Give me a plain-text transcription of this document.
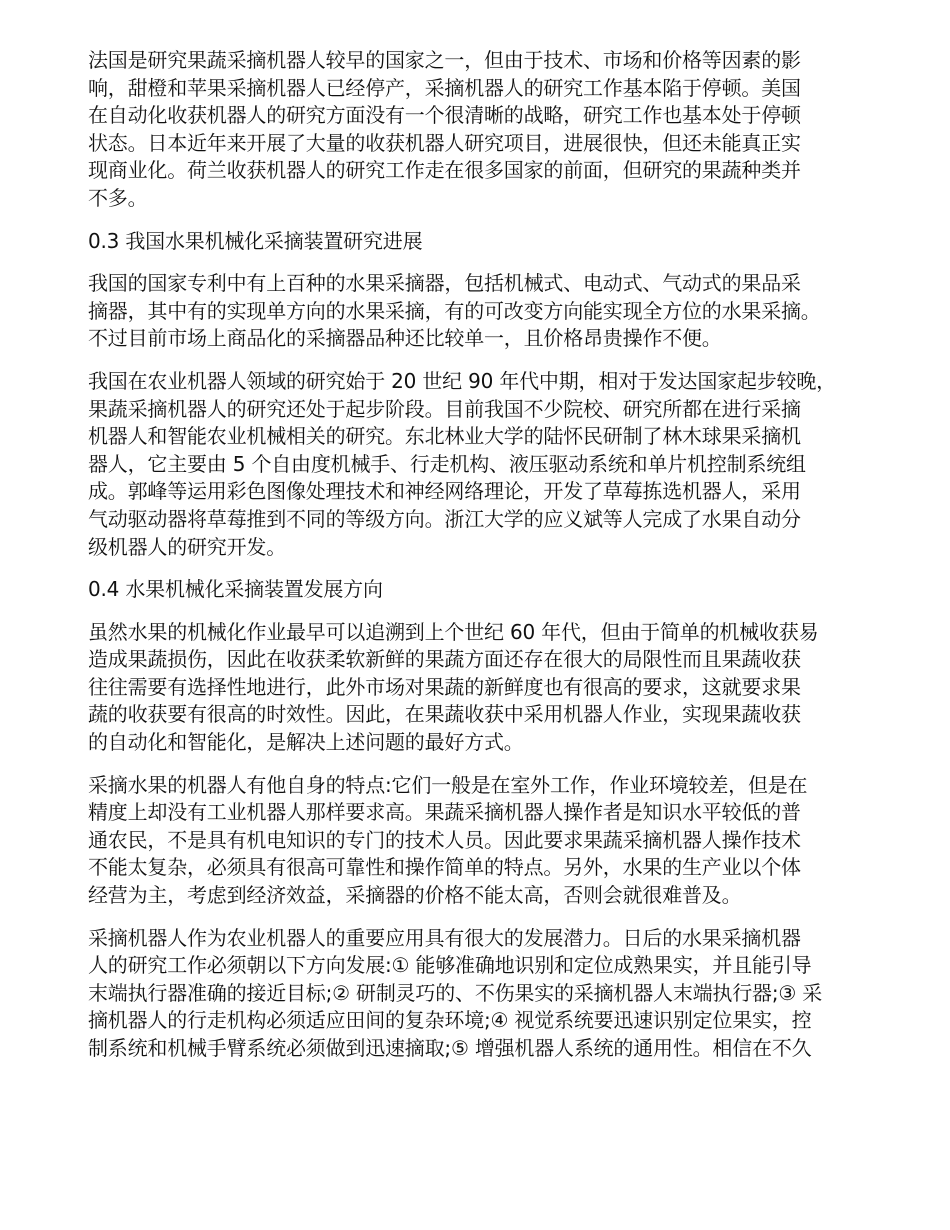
法国是研究果蔬采摘机器人较早的国家之一，但由于技术、市场和价格等因素的影
响，甜橙和苹果采摘机器人已经停产，采摘机器人的研究工作基本陷于停顿。美国
在自动化收获机器人的研究方面没有一个很清晰的战略，研究工作也基本处于停顿
状态。日本近年来开展了大量的收获机器人研究项目，进展很快，但还未能真正实
现商业化。荷兰收获机器人的研究工作走在很多国家的前面，但研究的果蔬种类并
不多。

0.3 我国水果机械化采摘装置研究进展

我国的国家专利中有上百种的水果采摘器，包括机械式、电动式、气动式的果品采
摘器，其中有的实现单方向的水果采摘，有的可改变方向能实现全方位的水果采摘。
不过目前市场上商品化的采摘器品种还比较单一，且价格昂贵操作不便。

我国在农业机器人领域的研究始于 20 世纪 90 年代中期，相对于发达国家起步较晚，
果蔬采摘机器人的研究还处于起步阶段。目前我国不少院校、研究所都在进行采摘
机器人和智能农业机械相关的研究。东北林业大学的陆怀民研制了林木球果采摘机
器人，它主要由 5 个自由度机械手、行走机构、液压驱动系统和单片机控制系统组
成。郭峰等运用彩色图像处理技术和神经网络理论，开发了草莓拣选机器人，采用
气动驱动器将草莓推到不同的等级方向。浙江大学的应义斌等人完成了水果自动分
级机器人的研究开发。

0.4 水果机械化采摘装置发展方向

虽然水果的机械化作业最早可以追溯到上个世纪 60 年代，但由于简单的机械收获易
造成果蔬损伤，因此在收获柔软新鲜的果蔬方面还存在很大的局限性而且果蔬收获
往往需要有选择性地进行，此外市场对果蔬的新鲜度也有很高的要求，这就要求果
蔬的收获要有很高的时效性。因此，在果蔬收获中采用机器人作业，实现果蔬收获
的自动化和智能化，是解决上述问题的最好方式。

采摘水果的机器人有他自身的特点:它们一般是在室外工作，作业环境较差，但是在
精度上却没有工业机器人那样要求高。果蔬采摘机器人操作者是知识水平较低的普
通农民，不是具有机电知识的专门的技术人员。因此要求果蔬采摘机器人操作技术
不能太复杂，必须具有很高可靠性和操作简单的特点。另外，水果的生产业以个体
经营为主，考虑到经济效益，采摘器的价格不能太高，否则会就很难普及。

采摘机器人作为农业机器人的重要应用具有很大的发展潜力。日后的水果采摘机器
人的研究工作必须朝以下方向发展:① 能够准确地识别和定位成熟果实，并且能引导
末端执行器准确的接近目标;② 研制灵巧的、不伤果实的采摘机器人末端执行器;③ 采
摘机器人的行走机构必须适应田间的复杂环境;④ 视觉系统要迅速识别定位果实，控
制系统和机械手臂系统必须做到迅速摘取;⑤ 增强机器人系统的通用性。相信在不久
